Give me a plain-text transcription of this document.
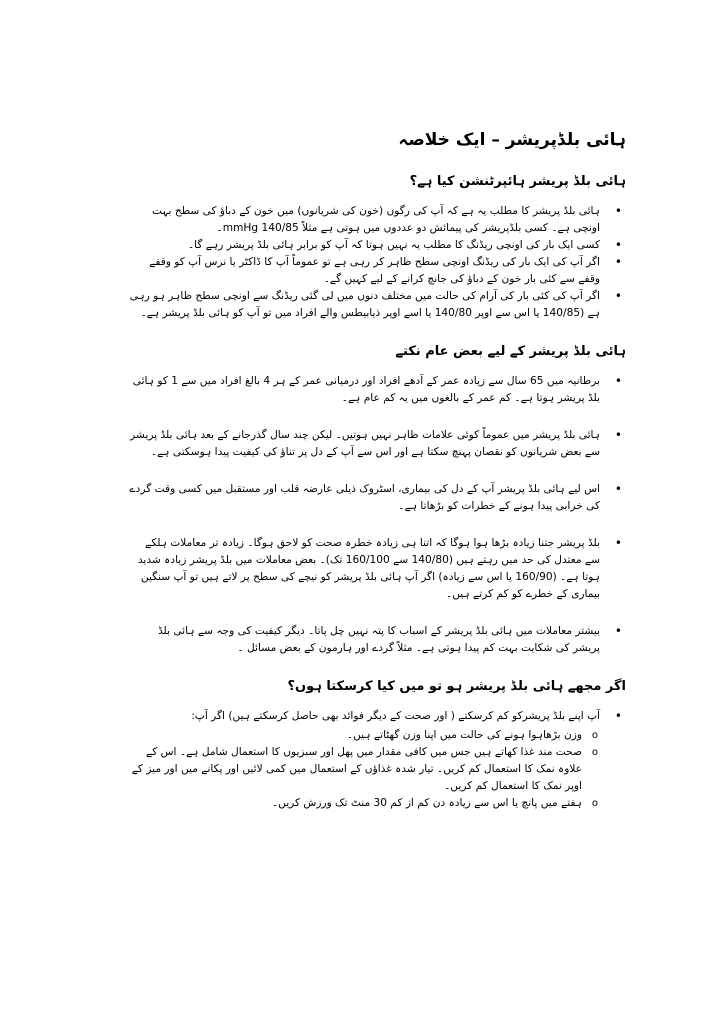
ہائی بلڈپریشر – ایک خلاصہ
ہائی بلڈ پریشر ہائپرٹنشن کیا ہے؟
• ہائی بلڈ پریشر کا مطلب یہ ہے کہ آپ کی رگوں (خون کی شریانوں) میں خون کے دباؤ کی سطح بہت اونچی ہے۔ کسی بلڈپریشر کی پیمائش دو عددوں میں ہوتی ہے مثلاً 140/85 mmHg۔
• کسی ایک بار کی اونچی ریڈنگ کا مطلب یہ نہیں ہوتا کہ آپ کو برابر ہائی بلڈ پریشر رہے گا۔
• اگر آپ کی ایک بار کی ریڈنگ اونچی سطح ظاہر کر رہی ہے تو عموماً آپ کا ڈاکٹر یا نرس آپ کو وقفے وقفے سے کئی بار خون کے دباؤ کی جانچ کرانے کے لیے کہیں گے۔
• اگر آپ کی کئی بار کی آرام کی حالت میں مختلف دنوں میں لی گئی ریڈنگ سے اونچی سطح ظاہر ہو رہی ہے (140/85 یا اس سے اوپر 140/80 یا اسے اوپر ذیابیطس والے افراد میں تو آپ کو ہائی بلڈ پریشر ہے۔
ہائی بلڈ پریشر کے لیے بعض عام نکتے
• برطانیہ میں 65 سال سے زیادہ عمر کے آدھے افراد اور درمیانی عمر کے ہر 4 بالغ افراد میں سے 1 کو ہائی بلڈ پریشر ہوتا ہے۔ کم عمر کے بالغوں میں یہ کم عام ہے۔
• ہائی بلڈ پریشر میں عموماً کوئی علامات ظاہر نہیں ہوتیں۔ لیکن چند سال گذرجانے کے بعد ہائی بلڈ پریشر سے بعض شریانوں کو نقصان پہنچ سکتا ہے اور اس سے آپ کے دل پر تناؤ کی کیفیت پیدا ہوسکتی ہے۔
• اس لیے ہائی بلڈ پریشر آپ کے دل کی بیماری، اسٹروک ذیلی عارضہ قلب اور مستقبل میں کسی وقت گردے کی خرابی پیدا ہونے کے خطرات کو بڑھاتا ہے۔
• بلڈ پریشر جتنا زیادہ بڑھا ہوا ہوگا کہ اتنا ہی زیادہ خطرہ صحت کو لاحق ہوگا۔ زیادہ تر معاملات ہلکے سے معتدل کی حد میں رہتے ہیں (140/80 سے 160/100 تک)۔ بعض معاملات میں بلڈ پریشر زیادہ شدید ہوتا ہے۔ (160/90 یا اس سے زیادہ) اگر آپ ہائی بلڈ پریشر کو نیچے کی سطح پر لاتے ہیں تو آپ سنگین بیماری کے خطرے کو کم کرتے ہیں۔
• بیشتر معاملات میں ہائی بلڈ پریشر کے اسباب کا پتہ نہیں چل پاتا۔ دیگر کیفیت کی وجہ سے ہائی بلڈ پریشر کی شکایت بہت کم پیدا ہوتی ہے۔ مثلاً گردے اور ہارمون کے بعض مسائل ۔
اگر مجھے ہائی بلڈ پریشر ہو تو میں کیا کرسکتا ہوں؟
• آپ اپنے بلڈ پریشرکو کم کرسکتے ( اور صحت کے دیگر فوائد بھی حاصل کرسکتے ہیں) اگر آپ:
o وزن بڑھاہوا ہونے کی حالت میں اپنا وزن گھٹاتے ہیں۔
o صحت مند غذا کھاتے ہیں جس میں کافی مقدار میں پھل اور سبزیوں کا استعمال شامل ہے۔ اس کے علاوہ نمک کا استعمال کم کریں۔ تیار شدہ غذاؤں کے استعمال میں کمی لائیں اور پکانے میں اور میز کے اوپر نمک کا استعمال کم کریں۔
o ہفتے میں پانچ یا اس سے زیادہ دن کم از کم 30 منٹ تک ورزش کریں۔
